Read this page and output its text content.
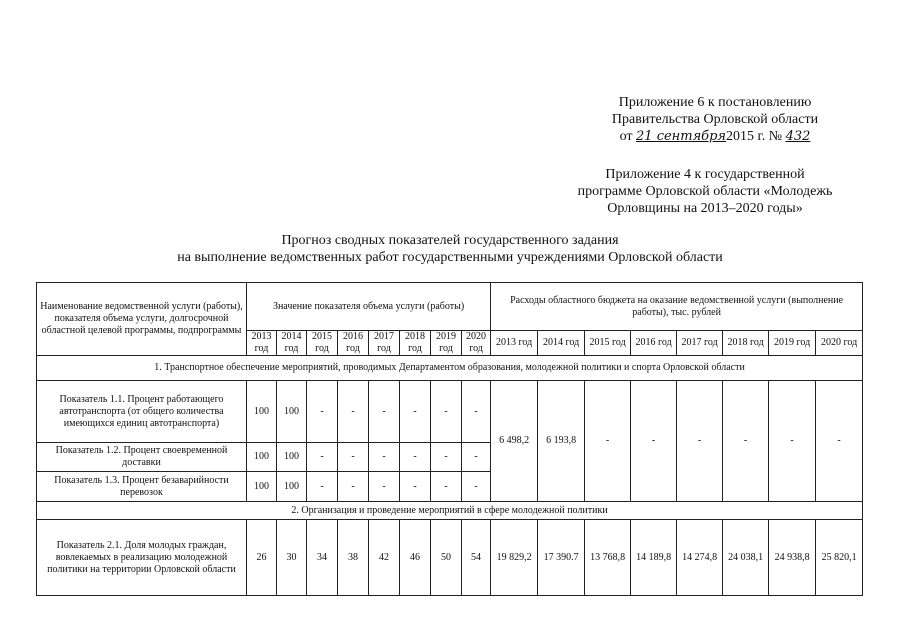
Приложение 6 к постановлению
Правительства Орловской области
от 21 сентября2015 г. № 432
Приложение 4 к государственной
программе Орловской области «Молодежь
Орловщины на 2013–2020 годы»
Прогноз сводных показателей государственного задания
на выполнение ведомственных работ государственными учреждениями Орловской области
Наименование ведомственной услуги (работы), показателя объема услуги, долгосрочной областной целевой программы, подпрограммы	Значение показателя объема услуги (работы)								Расходы областного бюджета на оказание ведомственной услуги (выполнение работы), тыс. рублей							
	2013 год	2014 год	2015 год	2016 год	2017 год	2018 год	2019 год	2020 год	2013 год	2014 год	2015 год	2016 год	2017 год	2018 год	2019 год	2020 год
1. Транспортное обеспечение мероприятий, проводимых Департаментом образования, молодежной политики и спорта Орловской области																
Показатель 1.1. Процент работающего автотранспорта (от общего количества имеющихся единиц автотранспорта)	100	100	-	-	-	-	-	-	6 498,2	6 193,8	-	-	-	-	-	-
Показатель 1.2. Процент своевременной доставки	100	100	-	-	-	-	-	-								
Показатель 1.3. Процент безаварийности перевозок	100	100	-	-	-	-	-	-								
2. Организация и проведение мероприятий в сфере молодежной политики																
Показатель 2.1. Доля молодых граждан, вовлекаемых в реализацию молодежной политики на территории Орловской области	26	30	34	38	42	46	50	54	19 829,2	17 390.7	13 768,8	14 189,8	14 274,8	24 038,1	24 938,8	25 820,1
